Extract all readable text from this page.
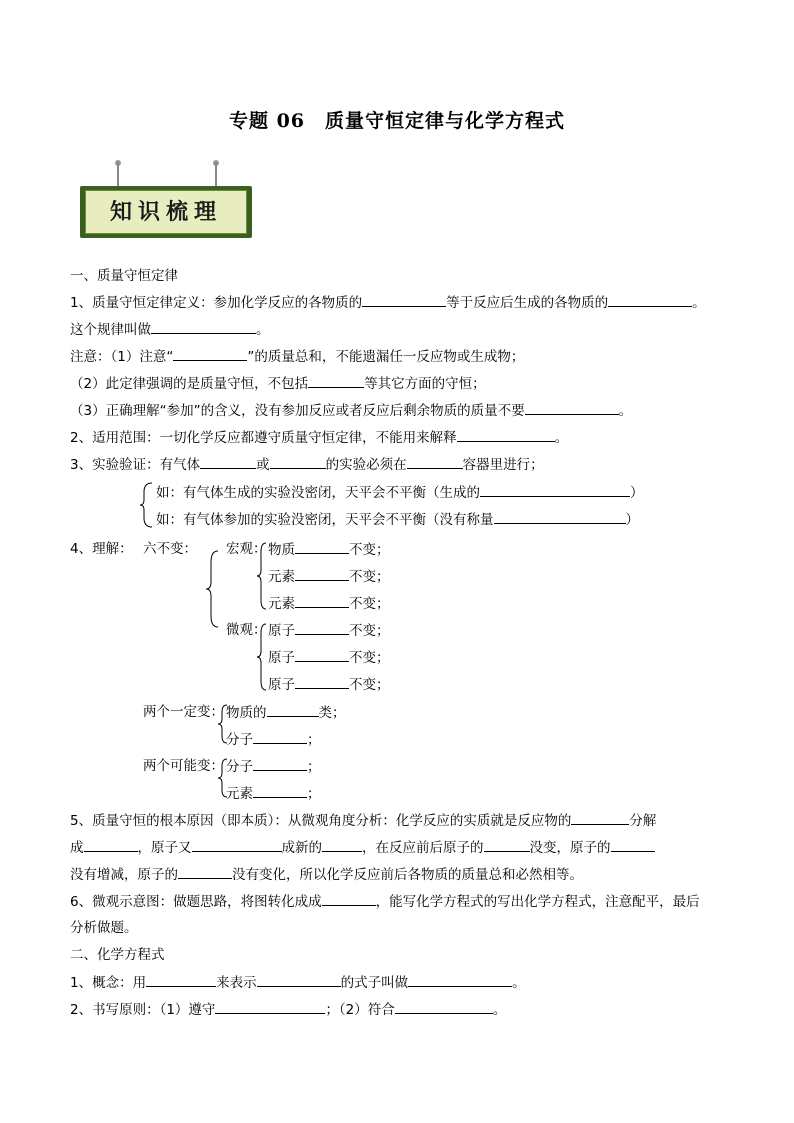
专题 06　质量守恒定律与化学方程式
知识梳理
一、质量守恒定律
1、质量守恒定律定义：参加化学反应的各物质的	等于反应后生成的各物质的	。
这个规律叫做	。
注意：（1）注意“	”的质量总和，不能遗漏任一反应物或生成物；
（2）此定律强调的是质量守恒，不包括	等其它方面的守恒；
（3）正确理解“参加”的含义，没有参加反应或者反应后剩余物质的质量不要	。
2、适用范围：一切化学反应都遵守质量守恒定律，不能用来解释	。
3、实验验证：有气体	或	的实验必须在	容器里进行；
如：有气体生成的实验没密闭，天平会不平衡（生成的	）
如：有气体参加的实验没密闭，天平会不平衡（没有称量	）
4、理解： 六不变： 宏观： 物质	不变；
元素	不变；
元素	不变；
微观： 原子	不变；
原子	不变；
原子	不变；
两个一定变： 物质的	类；
分子	；
两个可能变： 分子	；
元素	；
5、质量守恒的根本原因（即本质）：从微观角度分析：化学反应的实质就是反应物的	分解
成	，原子又	成新的	，在反应前后原子的	没变，原子的
没有增减，原子的	没有变化，所以化学反应前后各物质的质量总和必然相等。
6、微观示意图：做题思路，将图转化成成	，能写化学方程式的写出化学方程式，注意配平，最后
分析做题。
二、化学方程式
1、概念：用	来表示	的式子叫做	。
2、书写原则：（1）遵守	；（2）符合	。
